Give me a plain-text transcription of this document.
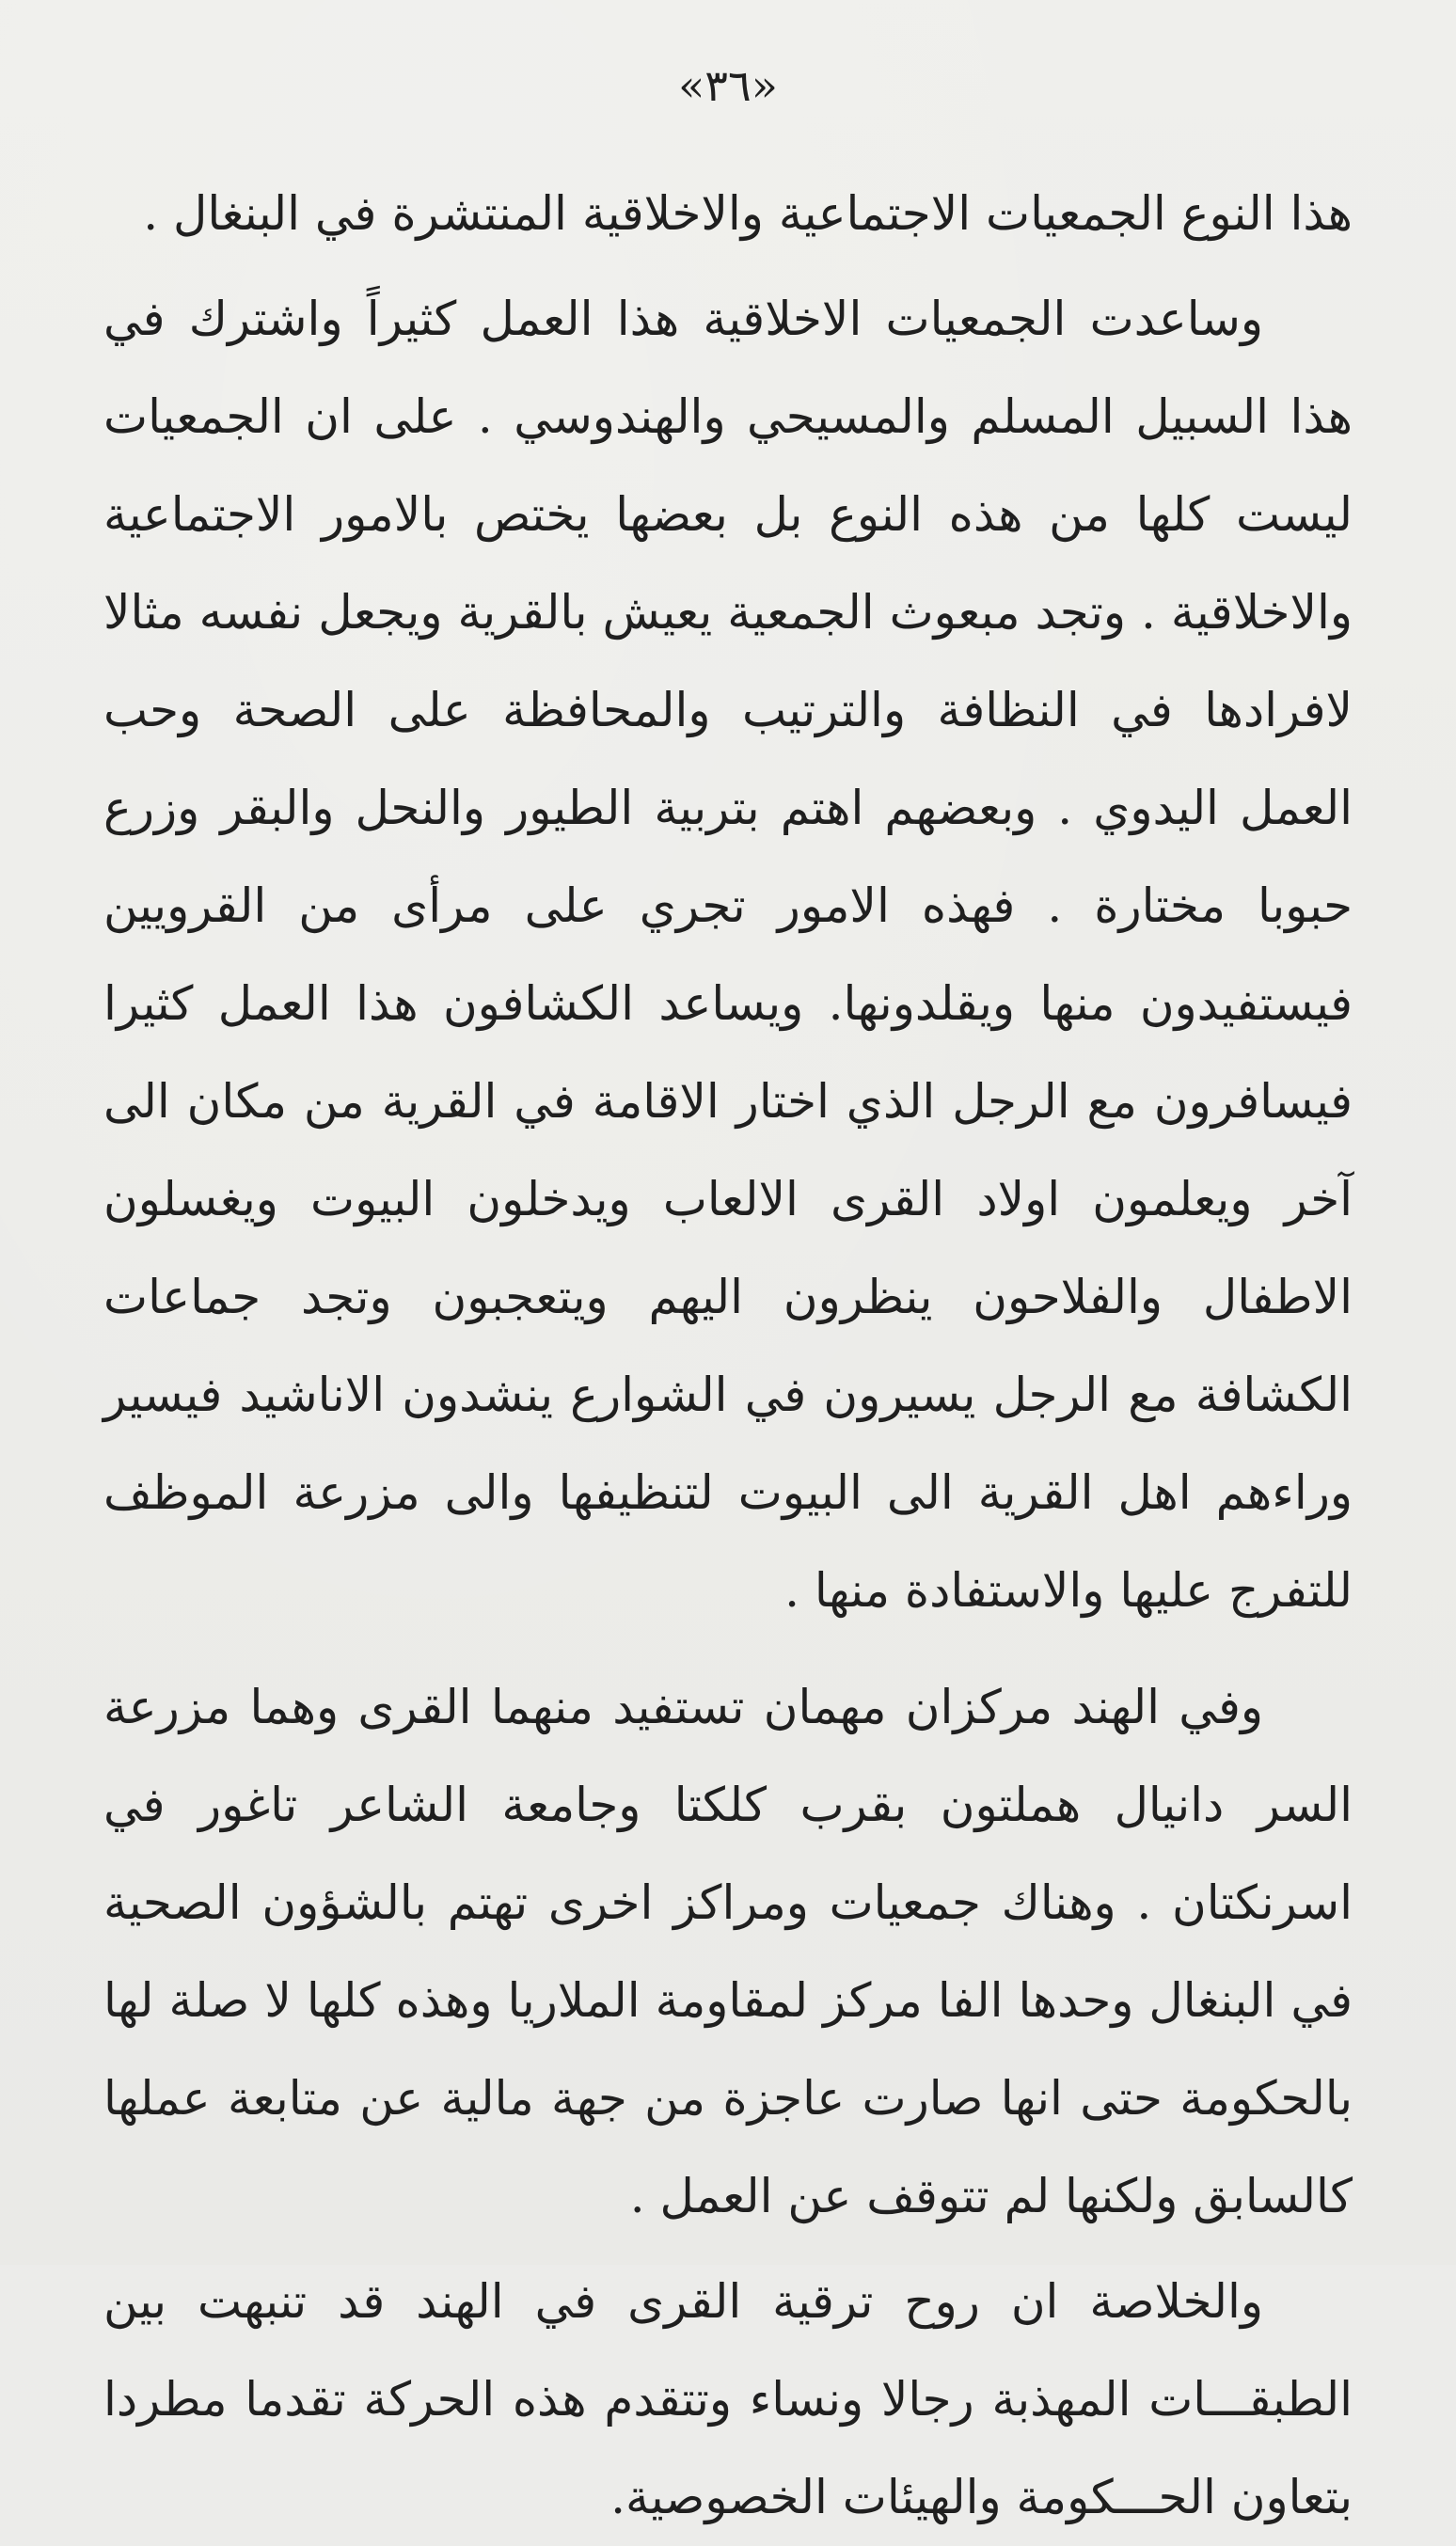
«٣٦»

هذا النوع الجمعيات الاجتماعية والاخلاقية المنتشرة في البنغال .

وساعدت الجمعيات الاخلاقية هذا العمل كثيراً واشترك في هذا السبيل المسلم والمسيحي والهندوسي . على ان الجمعيات ليست كلها من هذه النوع بل بعضها يختص بالامور الاجتماعية والاخلاقية . وتجد مبعوث الجمعية يعيش بالقرية ويجعل نفسه مثالا لافرادها في النظافة والترتيب والمحافظة على الصحة وحب العمل اليدوي . وبعضهم اهتم بتربية الطيور والنحل والبقر وزرع حبوبا مختارة . فهذه الامور تجري على مرأى من القرويين فيستفيدون منها ويقلدونها. ويساعد الكشافون هذا العمل كثيرا فيسافرون مع الرجل الذي اختار الاقامة في القرية من مكان الى آخر ويعلمون اولاد القرى الالعاب ويدخلون البيوت ويغسلون الاطفال والفلاحون ينظرون اليهم ويتعجبون وتجد جماعات الكشافة مع الرجل يسيرون في الشوارع ينشدون الاناشيد فيسير وراءهم اهل القرية الى البيوت لتنظيفها والى مزرعة الموظف للتفرج عليها والاستفادة منها .

وفي الهند مركزان مهمان تستفيد منهما القرى وهما مزرعة السر دانيال هملتون بقرب كلكتا وجامعة الشاعر تاغور في اسرنكتان . وهناك جمعيات ومراكز اخرى تهتم بالشؤون الصحية في البنغال وحدها الفا مركز لمقاومة الملاريا وهذه كلها لا صلة لها بالحكومة حتى انها صارت عاجزة من جهة مالية عن متابعة عملها كالسابق ولكنها لم تتوقف عن العمل .

والخلاصة ان روح ترقية القرى في الهند قد تنبهت بين الطبقـــات المهذبة رجالا ونساء وتتقدم هذه الحركة تقدما مطردا بتعاون الحـــكومة والهيئات الخصوصية.
